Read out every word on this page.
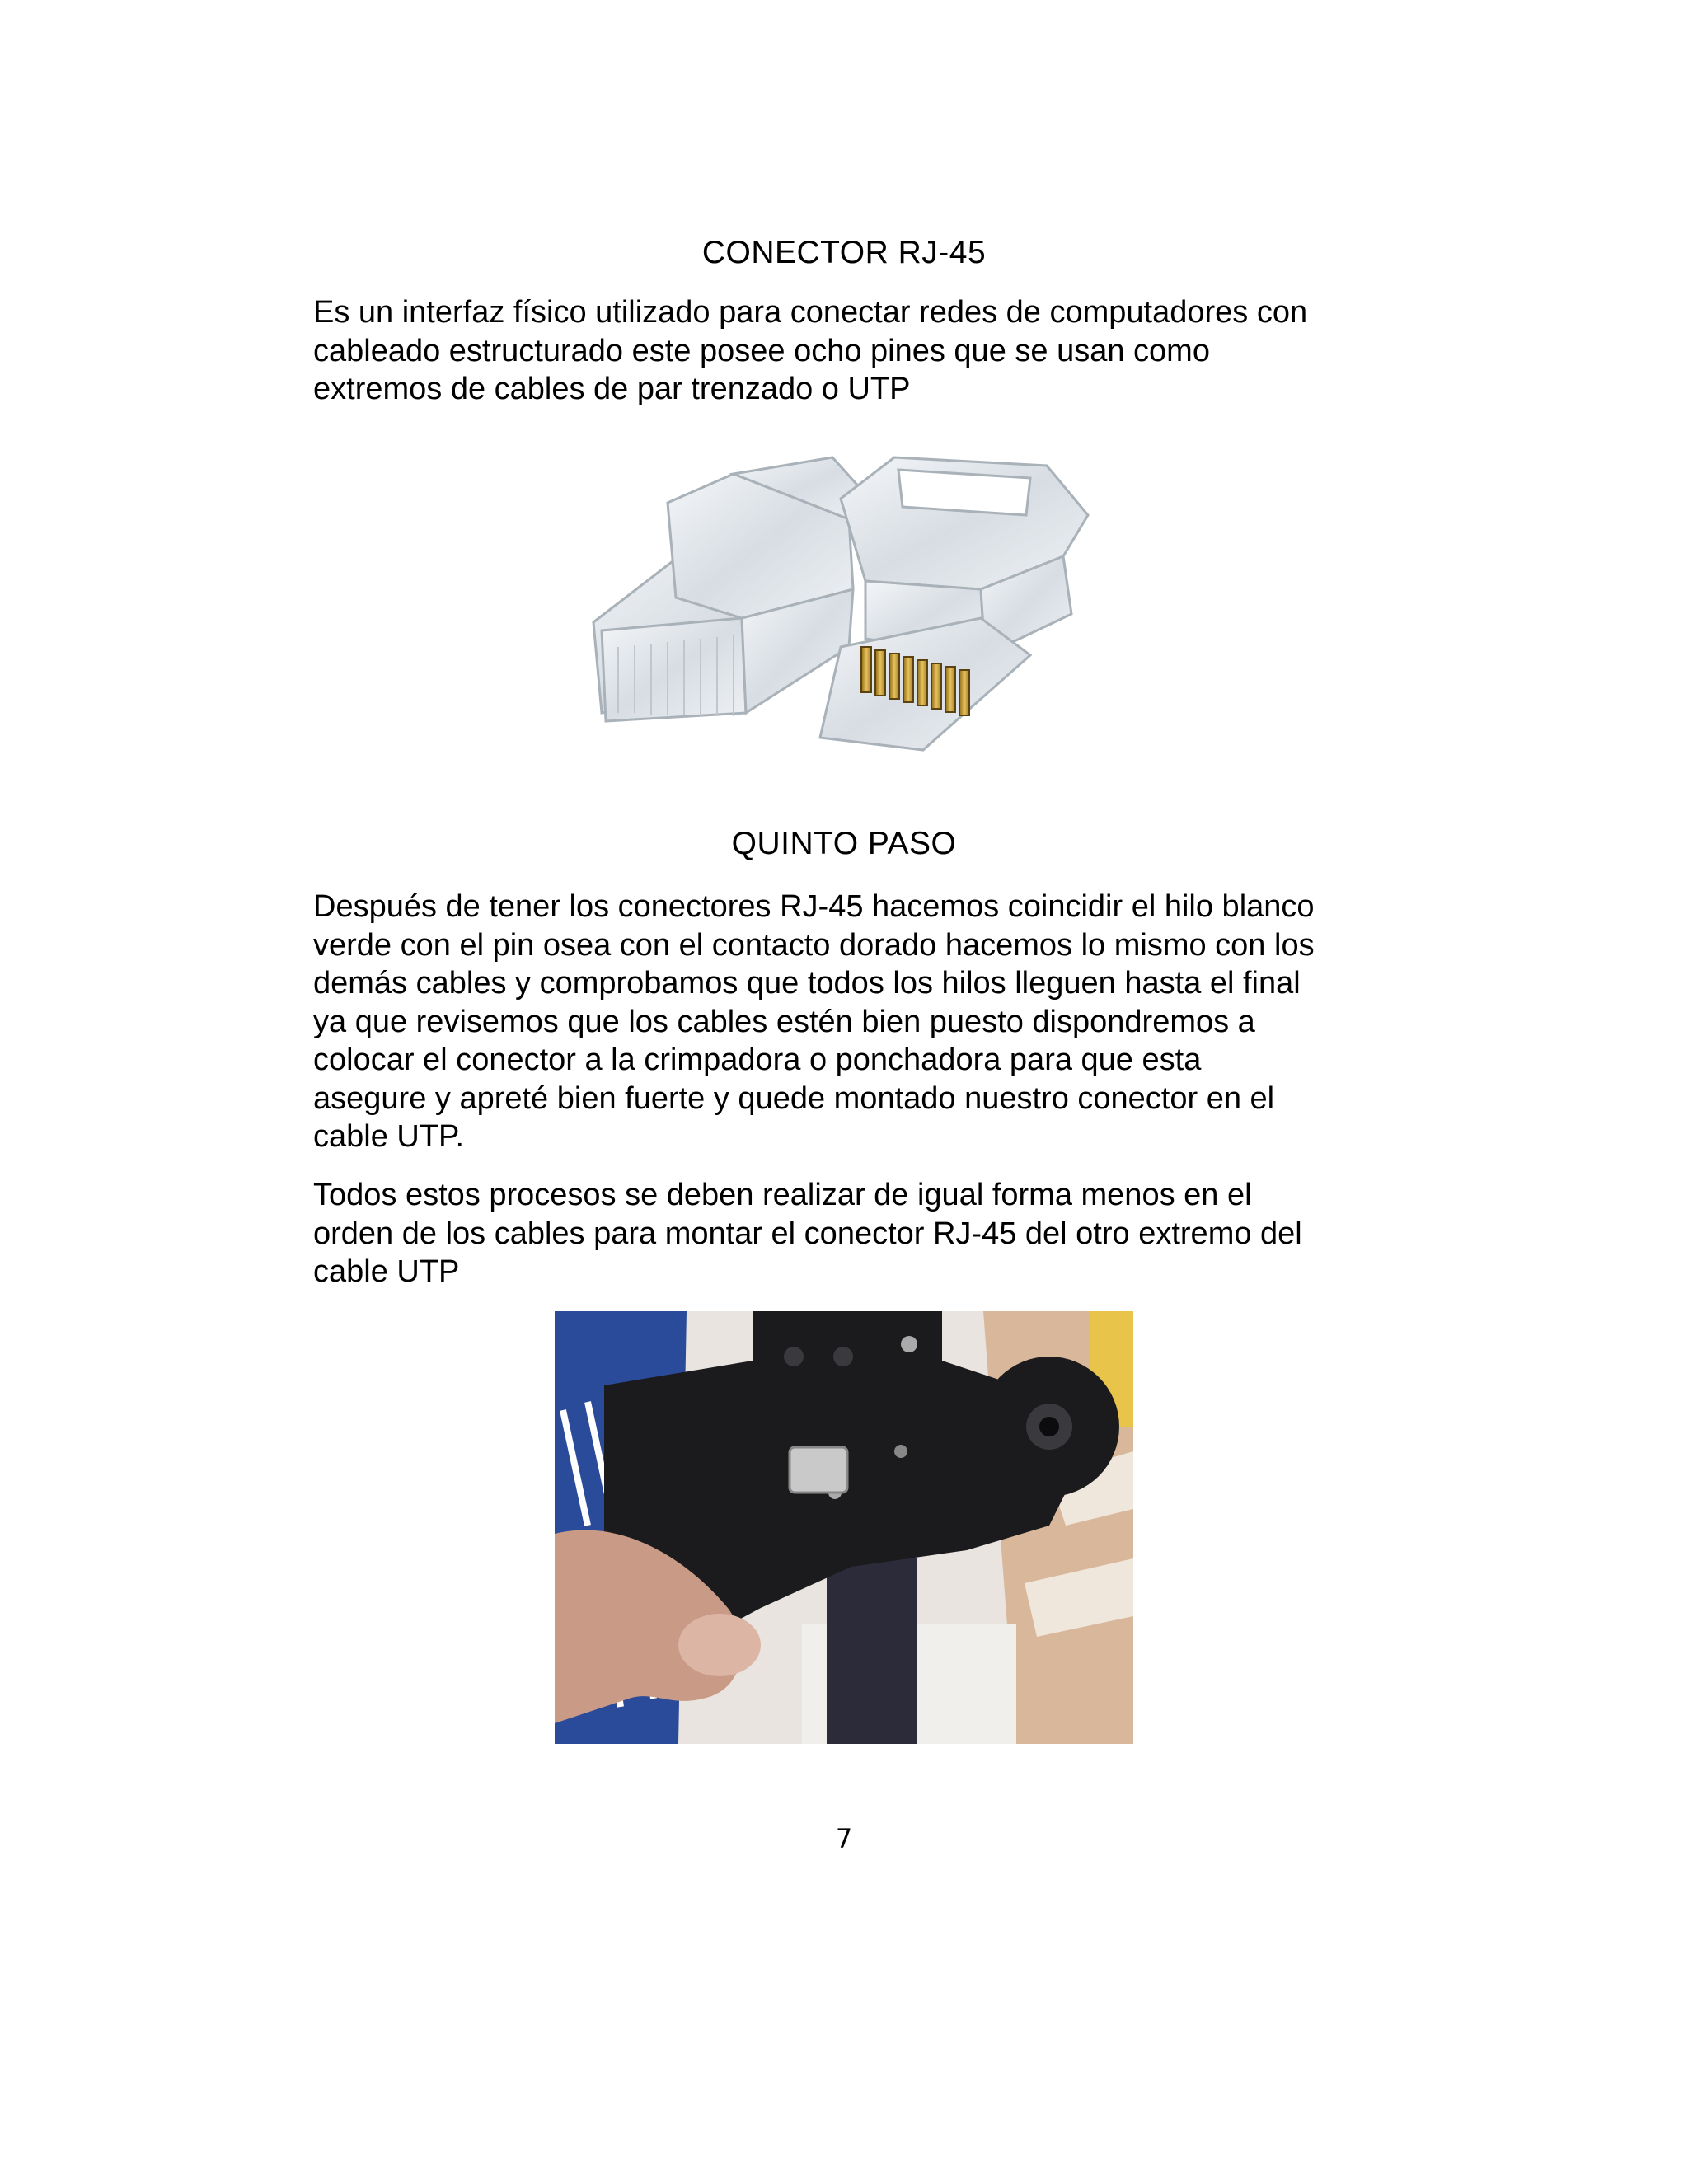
CONECTOR RJ-45
Es un interfaz físico utilizado para conectar redes de computadores con
cableado estructurado este posee ocho pines que se usan como
extremos de cables de par trenzado o UTP
QUINTO PASO
Después de tener los conectores RJ-45 hacemos coincidir el hilo blanco
verde con el pin osea con el contacto dorado hacemos lo mismo con los
demás cables y comprobamos que todos los hilos lleguen hasta el final
ya que revisemos que los cables estén bien puesto dispondremos a
colocar el conector a la crimpadora o ponchadora para que esta
asegure y apreté bien fuerte y quede montado nuestro conector en el
cable UTP.
Todos estos procesos se deben realizar de igual forma menos en el
orden de los cables para montar el conector RJ-45 del otro extremo del
cable UTP
7
